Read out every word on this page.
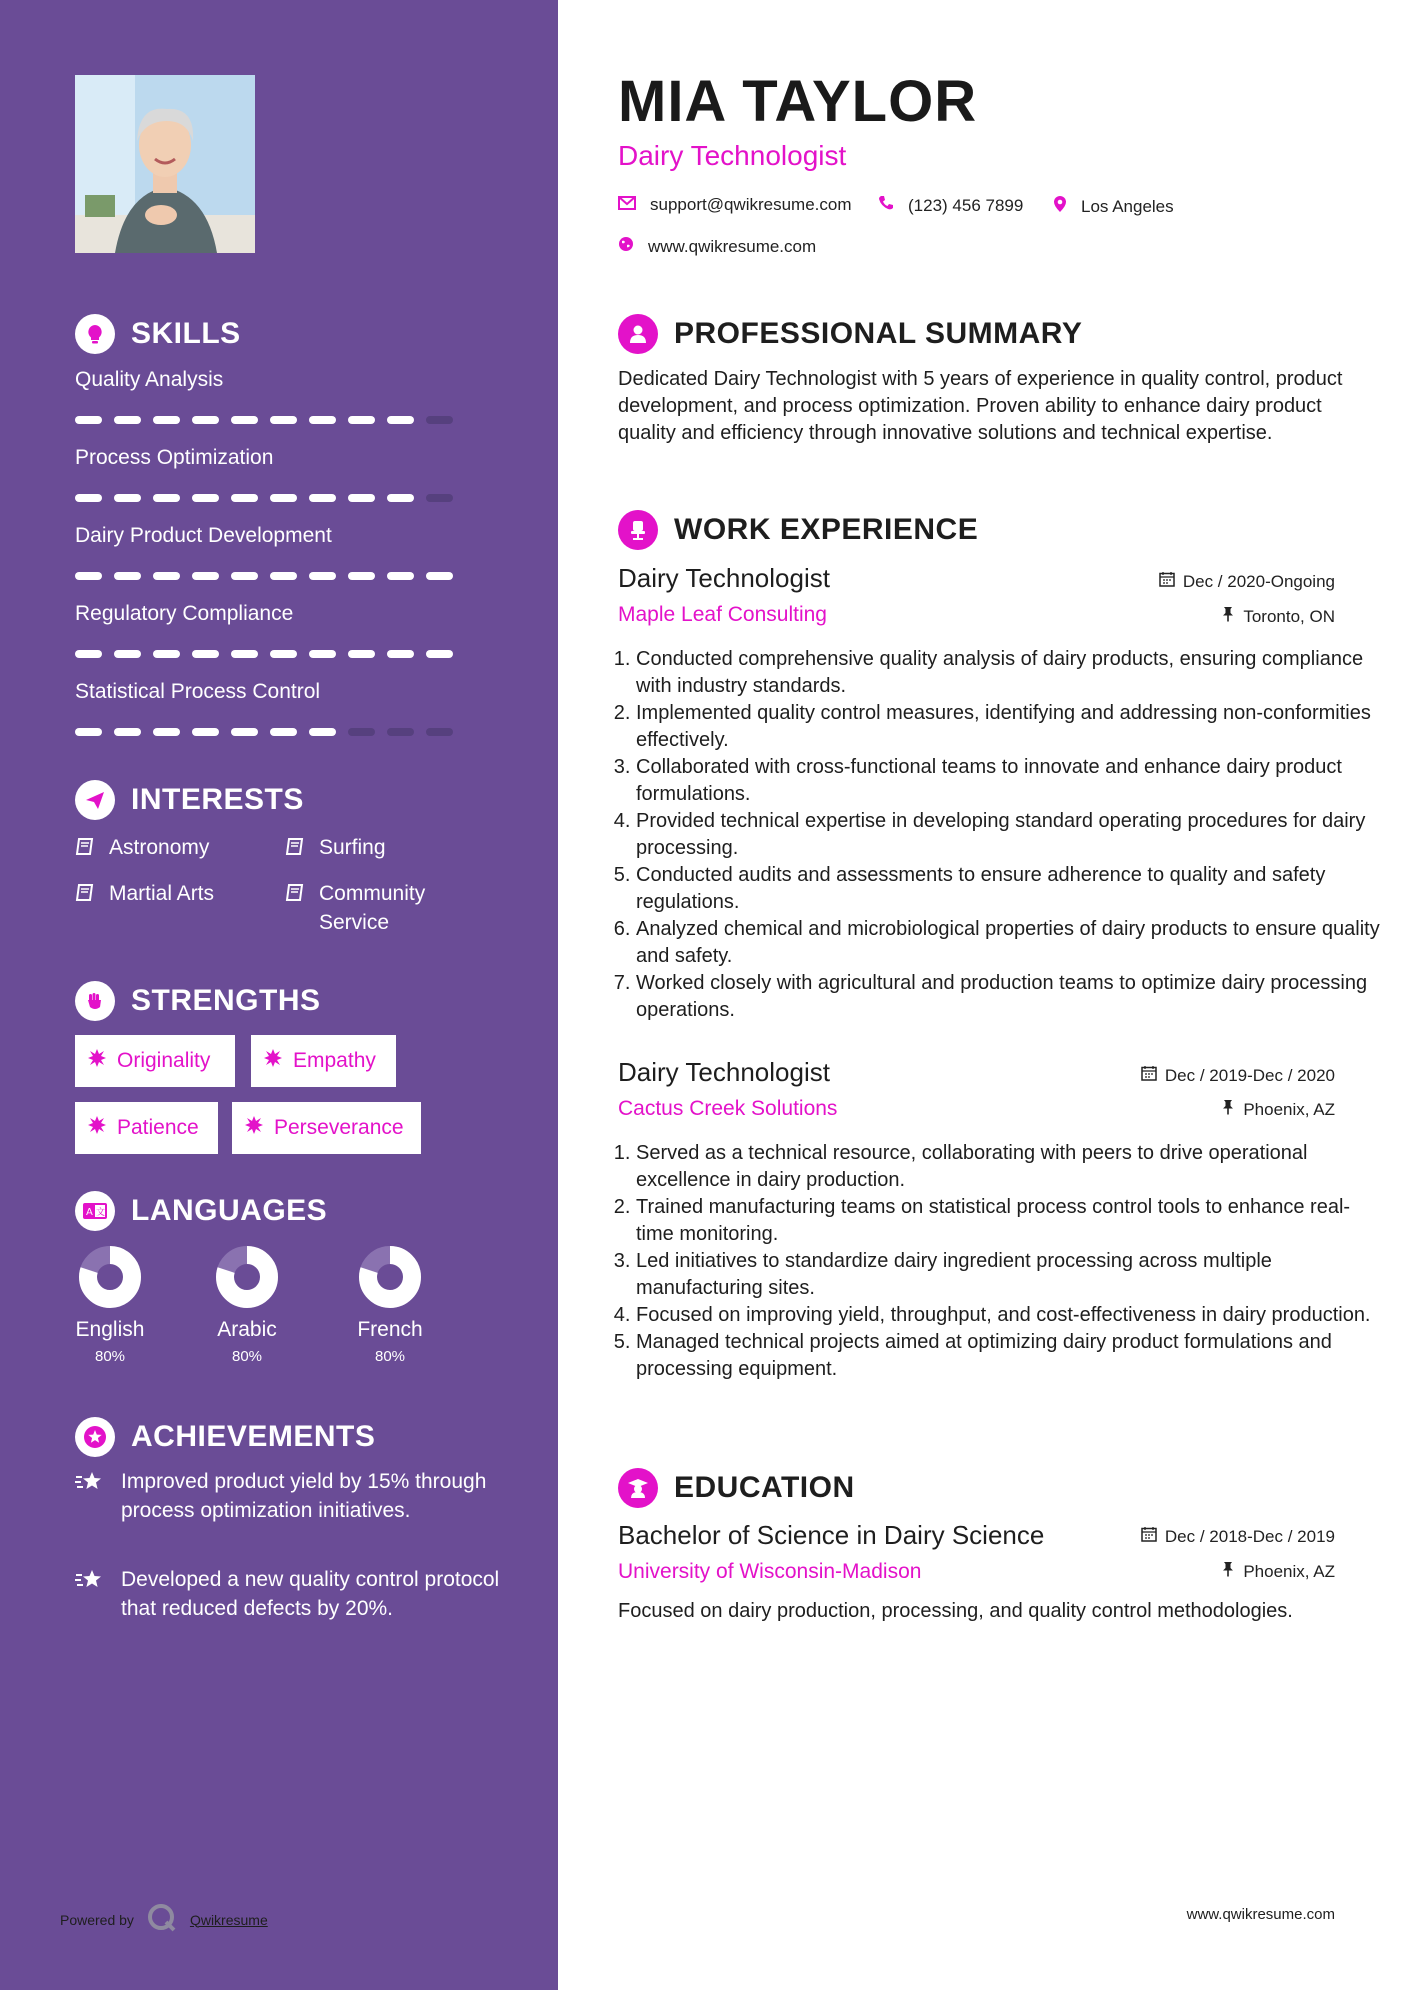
SKILLS
Quality Analysis
Process Optimization
Dairy Product Development
Regulatory Compliance
Statistical Process Control
INTERESTS
Astronomy	Surfing
Martial Arts	Community Service
STRENGTHS
Originality	Empathy
Patience	Perseverance
A 文 LANGUAGES
English
80%
Arabic
80%
French
80%
ACHIEVEMENTS
Improved product yield by 15% through process optimization initiatives.
Developed a new quality control protocol that reduced defects by 20%.
Powered by	Qwikresume
MIA TAYLOR
Dairy Technologist
support@qwikresume.com	(123) 456 7899	Los Angeles
www.qwikresume.com
PROFESSIONAL SUMMARY
Dedicated Dairy Technologist with 5 years of experience in quality control, product development, and process optimization. Proven ability to enhance dairy product quality and efficiency through innovative solutions and technical expertise.
WORK EXPERIENCE
Dairy Technologist	Dec / 2020-Ongoing
Maple Leaf Consulting	Toronto, ON
1. Conducted comprehensive quality analysis of dairy products, ensuring compliance with industry standards.
2. Implemented quality control measures, identifying and addressing non-conformities effectively.
3. Collaborated with cross-functional teams to innovate and enhance dairy product formulations.
4. Provided technical expertise in developing standard operating procedures for dairy processing.
5. Conducted audits and assessments to ensure adherence to quality and safety regulations.
6. Analyzed chemical and microbiological properties of dairy products to ensure quality and safety.
7. Worked closely with agricultural and production teams to optimize dairy processing operations.
Dairy Technologist	Dec / 2019-Dec / 2020
Cactus Creek Solutions	Phoenix, AZ
1. Served as a technical resource, collaborating with peers to drive operational excellence in dairy production.
2. Trained manufacturing teams on statistical process control tools to enhance real-time monitoring.
3. Led initiatives to standardize dairy ingredient processing across multiple manufacturing sites.
4. Focused on improving yield, throughput, and cost-effectiveness in dairy production.
5. Managed technical projects aimed at optimizing dairy product formulations and processing equipment.
EDUCATION
Bachelor of Science in Dairy Science	Dec / 2018-Dec / 2019
University of Wisconsin-Madison	Phoenix, AZ
Focused on dairy production, processing, and quality control methodologies.
www.qwikresume.com
